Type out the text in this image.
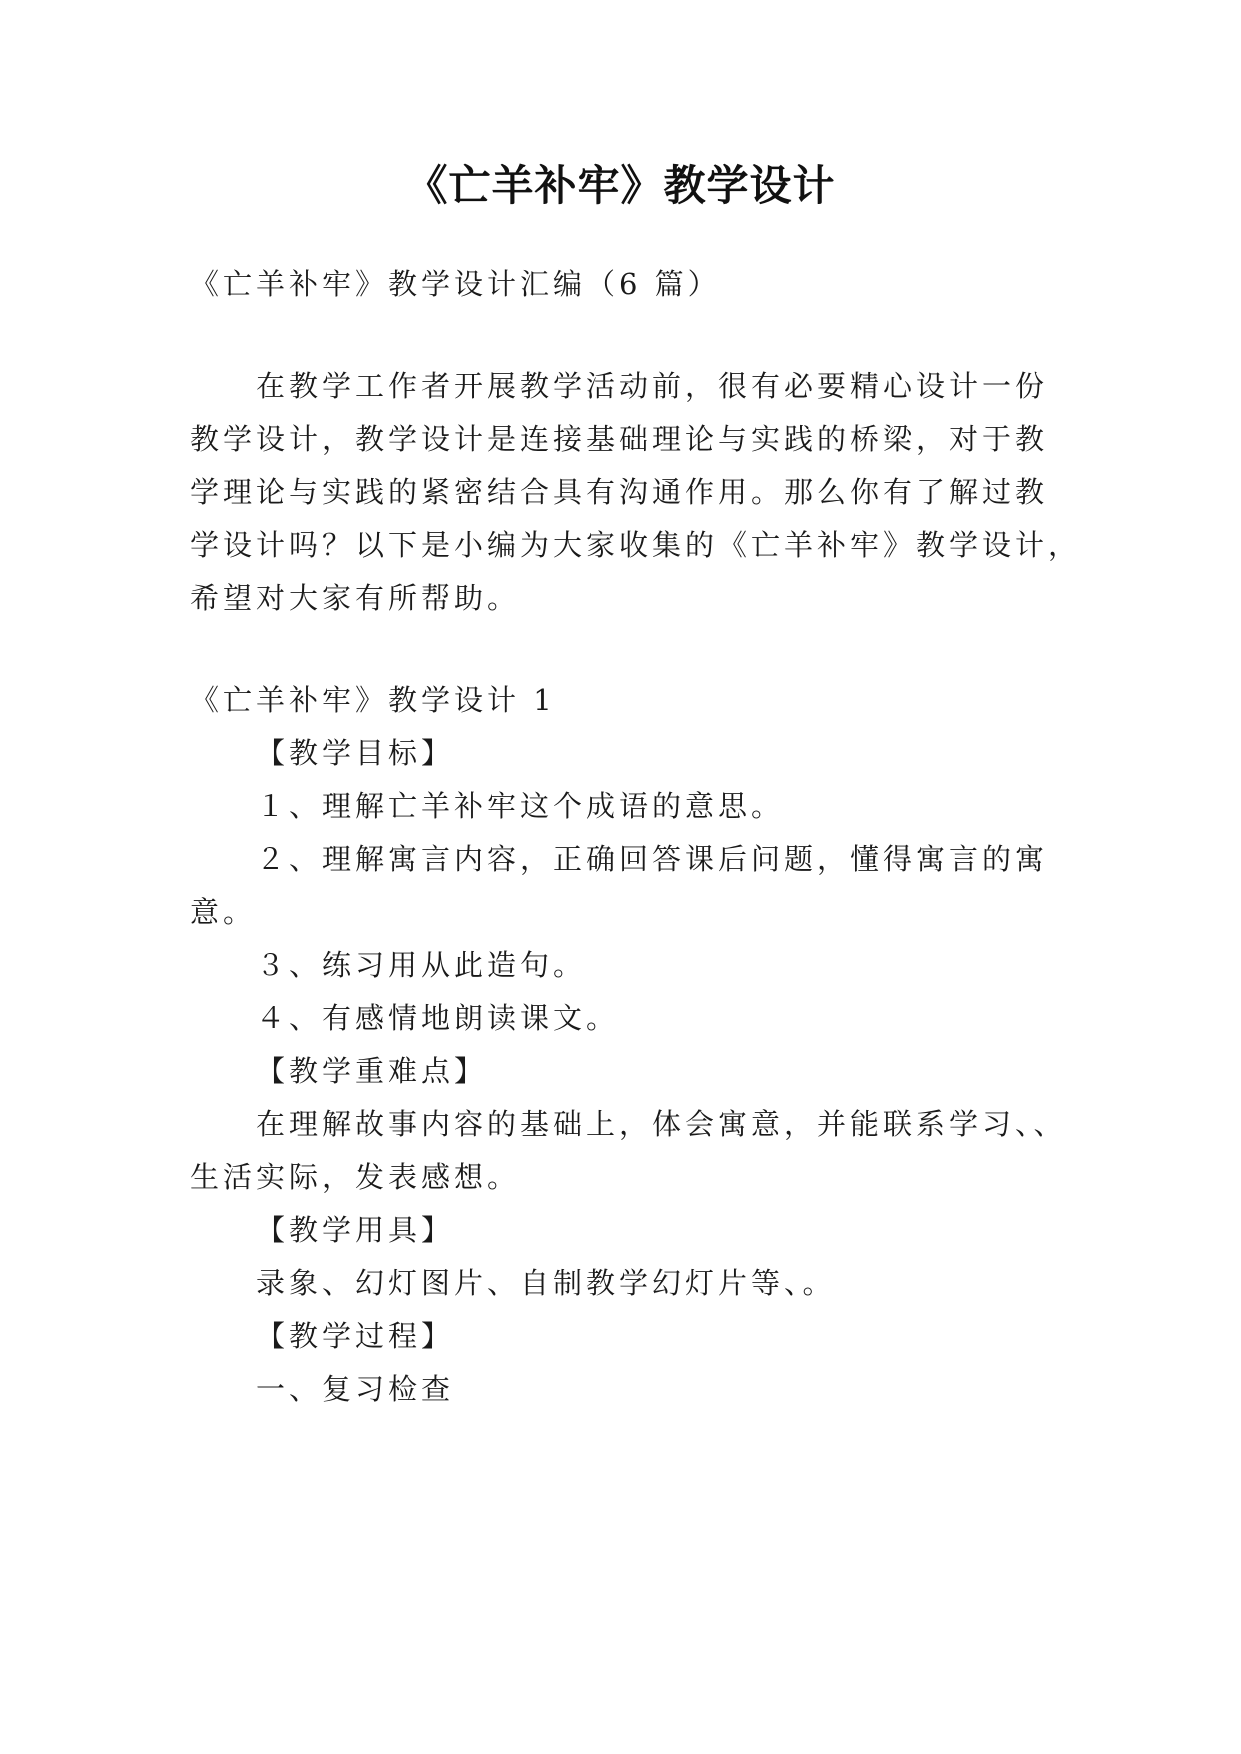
《亡羊补牢》教学设计
《亡羊补牢》教学设计汇编（6 篇）
在教学工作者开展教学活动前，很有必要精心设计一份
教学设计，教学设计是连接基础理论与实践的桥梁，对于教
学理论与实践的紧密结合具有沟通作用。那么你有了解过教
学设计吗？以下是小编为大家收集的《亡羊补牢》教学设计，
希望对大家有所帮助。
《亡羊补牢》教学设计 1
【教学目标】
１、理解亡羊补牢这个成语的意思。
２、理解寓言内容，正确回答课后问题，懂得寓言的寓
意。
３、练习用从此造句。
４、有感情地朗读课文。
【教学重难点】
在理解故事内容的基础上，体会寓意，并能联系学习、、
生活实际，发表感想。
【教学用具】
录象、幻灯图片、自制教学幻灯片等、。
【教学过程】
一、复习检查
